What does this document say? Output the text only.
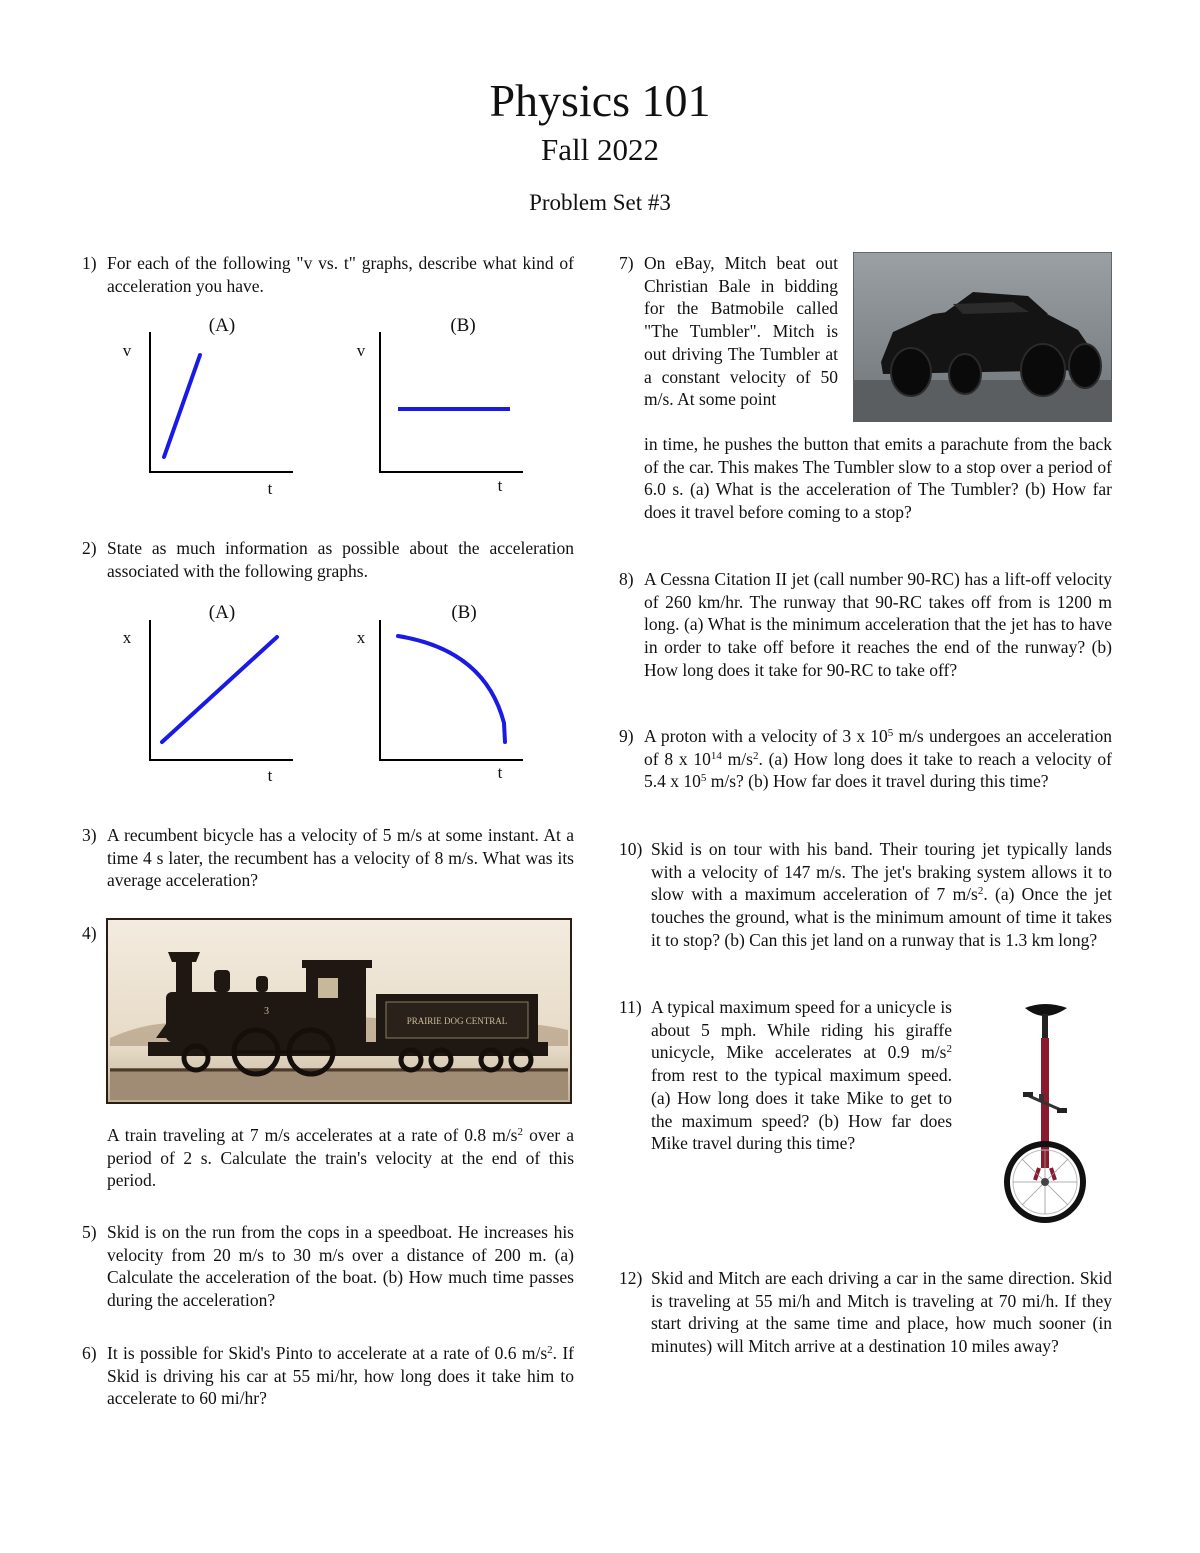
Physics 101
Fall 2022
Problem Set #3
1) For each of the following "v vs. t" graphs, describe what kind of acceleration you have.
(A)
v
t
(B)
v
t
2) State as much information as possible about the acceleration associated with the following graphs.
(A)
x
t
(B)
x
t
3) A recumbent bicycle has a velocity of 5 m/s at some instant. At a time 4 s later, the recumbent has a velocity of 8 m/s. What was its average acceleration?
4)
PRAIRIE DOG CENTRAL
3
A train traveling at 7 m/s accelerates at a rate of 0.8 $m/s^2$ over a period of 2 s. Calculate the train's velocity at the end of this period.
5) Skid is on the run from the cops in a speedboat. He increases his velocity from 20 m/s to 30 m/s over a distance of 200 m. (a) Calculate the acceleration of the boat. (b) How much time passes during the acceleration?
6) It is possible for Skid's Pinto to accelerate at a rate of 0.6 $m/s^2$. If Skid is driving his car at 55 mi/hr, how long does it take him to accelerate to 60 mi/hr?
7) On eBay, Mitch beat out Christian Bale in bidding for the Batmobile called "The Tumbler". Mitch is out driving The Tumbler at a constant velocity of 50 m/s. At some point
in time, he pushes the button that emits a parachute from the back of the car. This makes The Tumbler slow to a stop over a period of 6.0 s. (a) What is the acceleration of The Tumbler? (b) How far does it travel before coming to a stop?
8) A Cessna Citation II jet (call number 90-RC) has a lift-off velocity of 260 km/hr. The runway that 90-RC takes off from is 1200 m long. (a) What is the minimum acceleration that the jet has to have in order to take off before it reaches the end of the runway? (b) How long does it take for 90-RC to take off?
9) A proton with a velocity of 3 x $10^5$ m/s undergoes an acceleration of 8 x $10^{14}$ $m/s^2$. (a) How long does it take to reach a velocity of 5.4 x $10^5$ m/s? (b) How far does it travel during this time?
10) Skid is on tour with his band. Their touring jet typically lands with a velocity of 147 m/s. The jet's braking system allows it to slow with a maximum acceleration of 7 $m/s^2$. (a) Once the jet touches the ground, what is the minimum amount of time it takes it to stop? (b) Can this jet land on a runway that is 1.3 km long?
11) A typical maximum speed for a unicycle is about 5 mph. While riding his giraffe unicycle, Mike accelerates at 0.9 $m/s^2$ from rest to the typical maximum speed. (a) How long does it take Mike to get to the maximum speed? (b) How far does Mike travel during this time?
12) Skid and Mitch are each driving a car in the same direction. Skid is traveling at 55 mi/h and Mitch is traveling at 70 mi/h. If they start driving at the same time and place, how much sooner (in minutes) will Mitch arrive at a destination 10 miles away?
